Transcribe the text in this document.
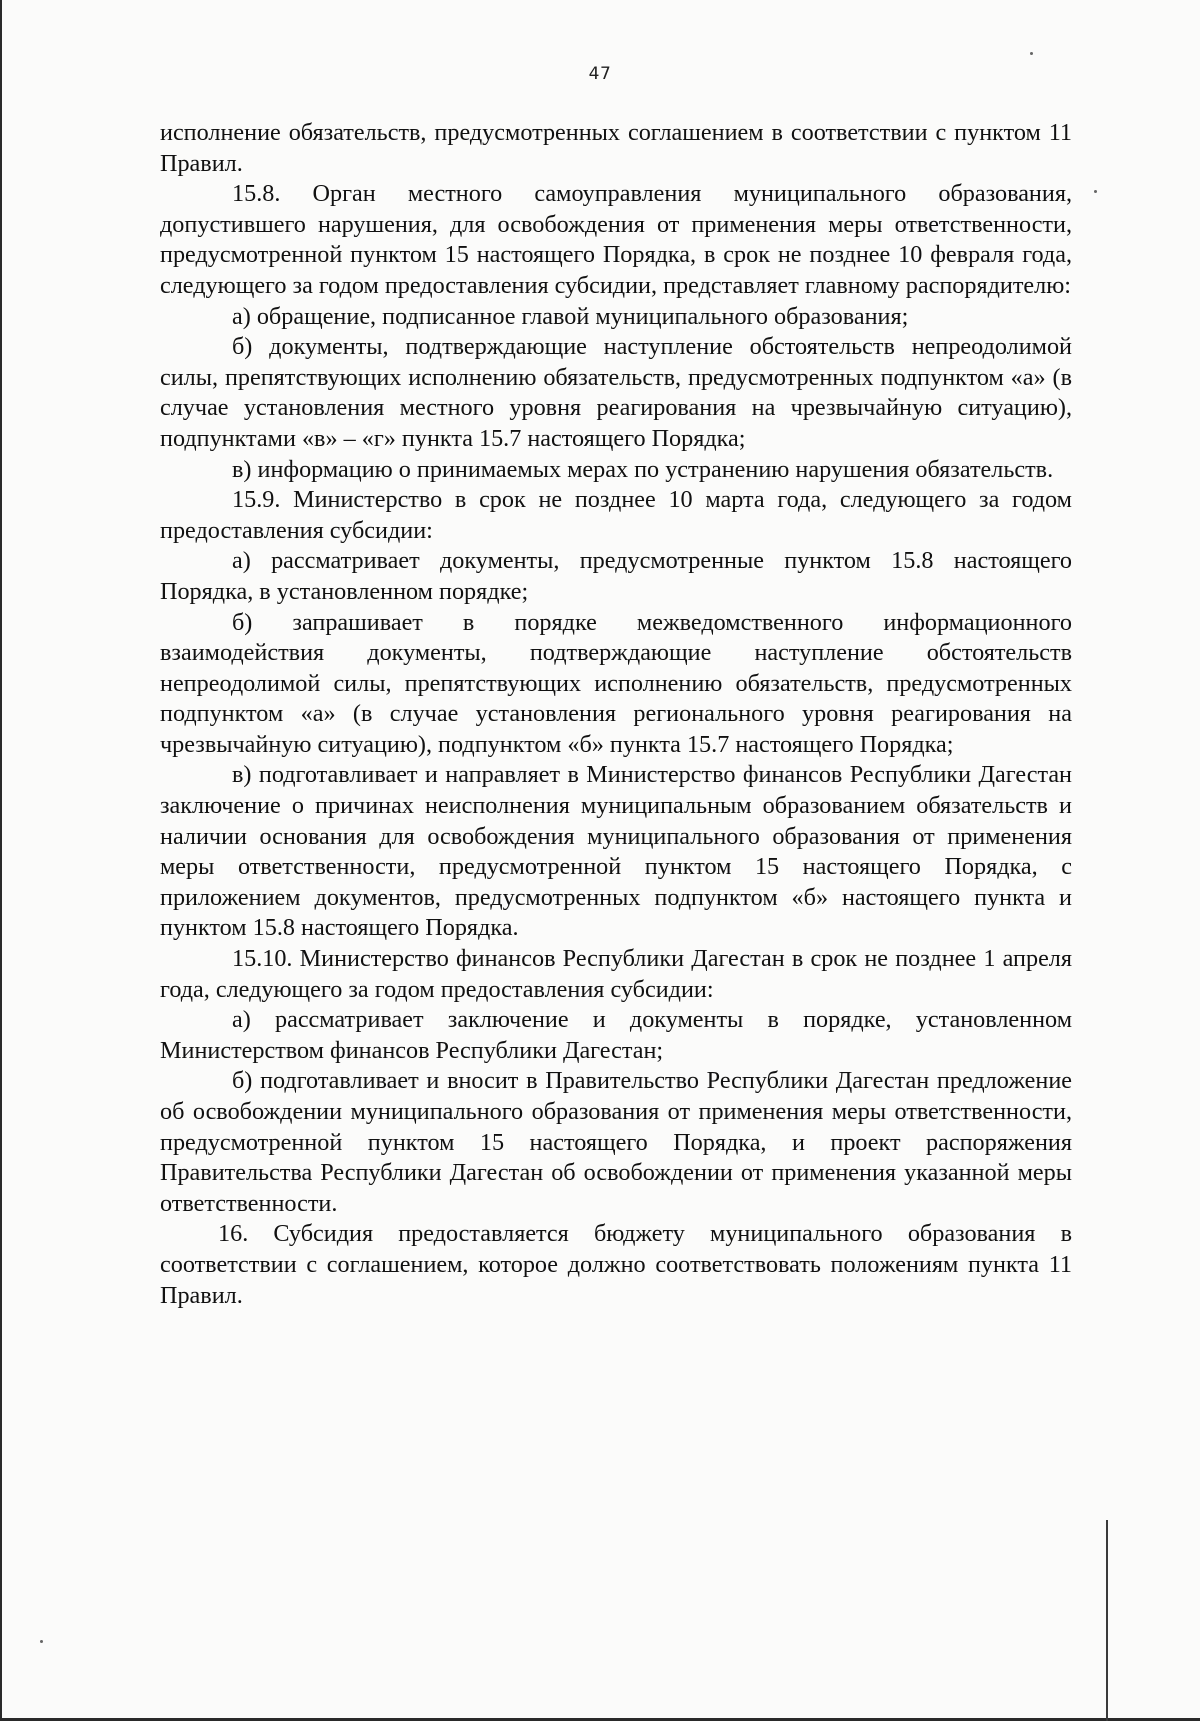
47

исполнение обязательств, предусмотренных соглашением в соответствии с пунктом 11 Правил.

15.8. Орган местного самоуправления муниципального образования, допустившего нарушения, для освобождения от применения меры ответственности, предусмотренной пунктом 15 настоящего Порядка, в срок не позднее 10 февраля года, следующего за годом предоставления субсидии, представляет главному распорядителю:

а) обращение, подписанное главой муниципального образования;

б) документы, подтверждающие наступление обстоятельств непреодолимой силы, препятствующих исполнению обязательств, предусмотренных подпунктом «а» (в случае установления местного уровня реагирования на чрезвычайную ситуацию), подпунктами «в» – «г» пункта 15.7 настоящего Порядка;

в) информацию о принимаемых мерах по устранению нарушения обязательств.

15.9. Министерство в срок не позднее 10 марта года, следующего за годом предоставления субсидии:

а) рассматривает документы, предусмотренные пунктом 15.8 настоящего Порядка, в установленном порядке;

б) запрашивает в порядке межведомственного информационного взаимодействия документы, подтверждающие наступление обстоятельств непреодолимой силы, препятствующих исполнению обязательств, предусмотренных подпунктом «а» (в случае установления регионального уровня реагирования на чрезвычайную ситуацию), подпунктом «б» пункта 15.7 настоящего Порядка;

в) подготавливает и направляет в Министерство финансов Республики Дагестан заключение о причинах неисполнения муниципальным образованием обязательств и наличии основания для освобождения муниципального образования от применения меры ответственности, предусмотренной пунктом 15 настоящего Порядка, с приложением документов, предусмотренных подпунктом «б» настоящего пункта и пунктом 15.8 настоящего Порядка.

15.10. Министерство финансов Республики Дагестан в срок не позднее 1 апреля года, следующего за годом предоставления субсидии:

а) рассматривает заключение и документы в порядке, установленном Министерством финансов Республики Дагестан;

б) подготавливает и вносит в Правительство Республики Дагестан предложение об освобождении муниципального образования от применения меры ответственности, предусмотренной пунктом 15 настоящего Порядка, и проект распоряжения Правительства Республики Дагестан об освобождении от применения указанной меры ответственности.

16. Субсидия предоставляется бюджету муниципального образования в соответствии с соглашением, которое должно соответствовать положениям пункта 11 Правил.
